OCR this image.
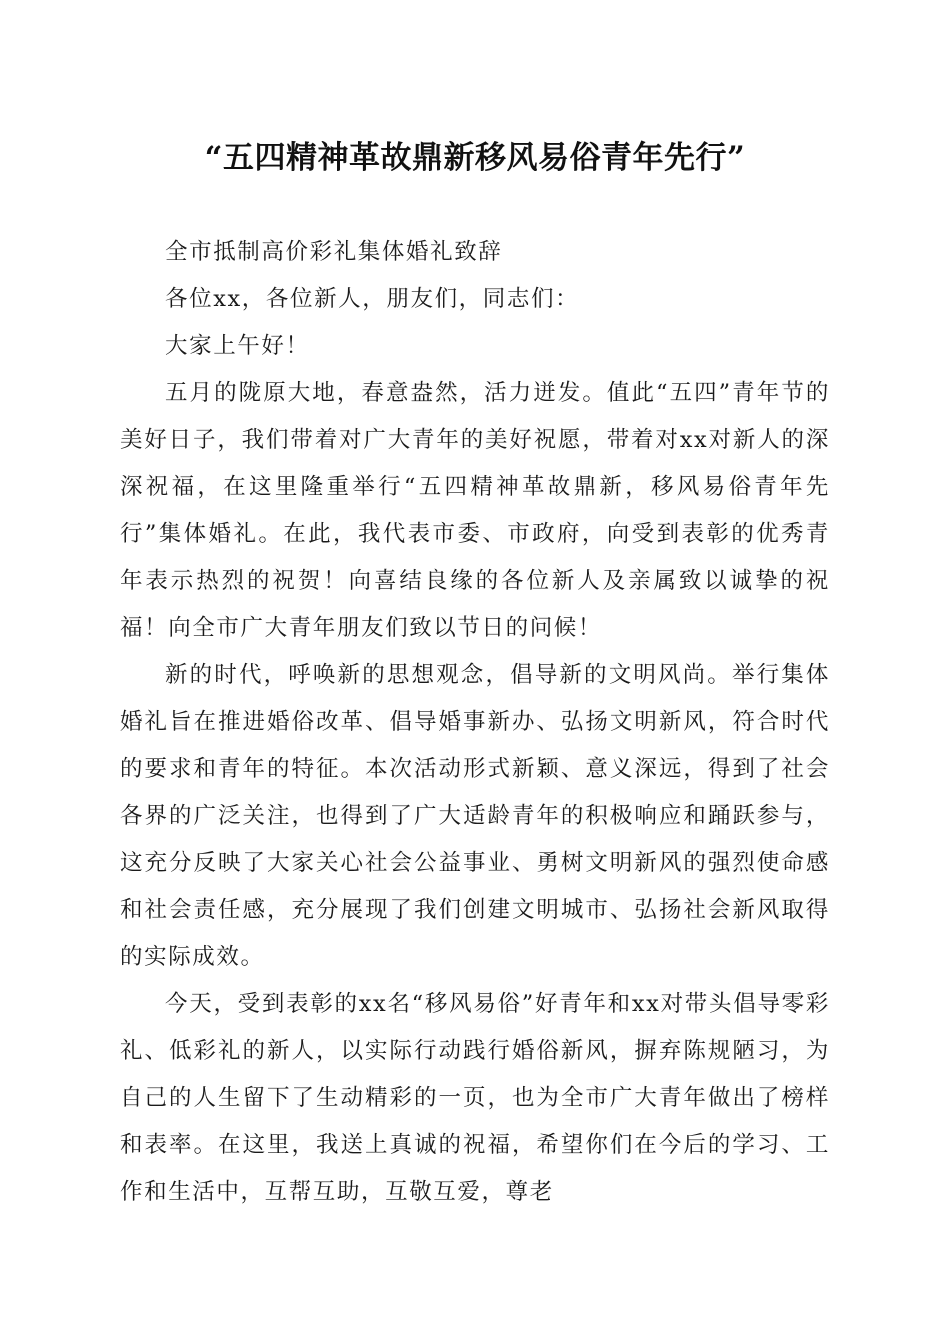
“五四精神革故鼎新移风易俗青年先行”

全市抵制高价彩礼集体婚礼致辞

各位xx，各位新人，朋友们，同志们：

大家上午好！

五月的陇原大地，春意盎然，活力迸发。值此“五四”青年节的美好日子，我们带着对广大青年的美好祝愿，带着对xx对新人的深深祝福，在这里隆重举行“五四精神革故鼎新，移风易俗青年先行”集体婚礼。在此，我代表市委、市政府，向受到表彰的优秀青年表示热烈的祝贺！向喜结良缘的各位新人及亲属致以诚挚的祝福！向全市广大青年朋友们致以节日的问候！

新的时代，呼唤新的思想观念，倡导新的文明风尚。举行集体婚礼旨在推进婚俗改革、倡导婚事新办、弘扬文明新风，符合时代的要求和青年的特征。本次活动形式新颖、意义深远，得到了社会各界的广泛关注，也得到了广大适龄青年的积极响应和踊跃参与，这充分反映了大家关心社会公益事业、勇树文明新风的强烈使命感和社会责任感，充分展现了我们创建文明城市、弘扬社会新风取得的实际成效。

今天，受到表彰的xx名“移风易俗”好青年和xx对带头倡导零彩礼、低彩礼的新人，以实际行动践行婚俗新风，摒弃陈规陋习，为自己的人生留下了生动精彩的一页，也为全市广大青年做出了榜样和表率。在这里，我送上真诚的祝福，希望你们在今后的学习、工作和生活中，互帮互助，互敬互爱，尊老
